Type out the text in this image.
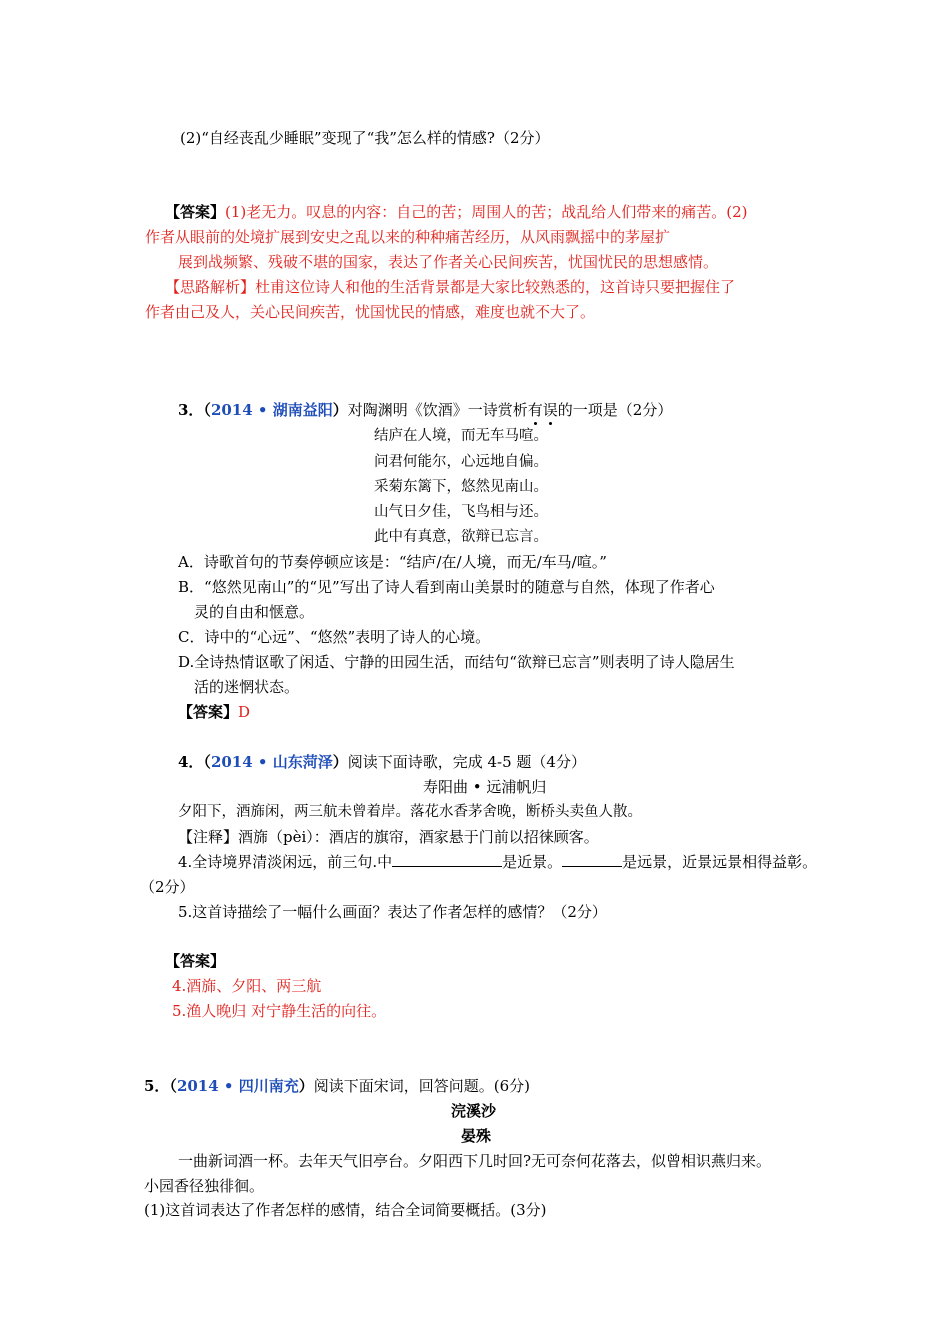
(2)“自经丧乱少睡眠”变现了“我”怎么样的情感?（2分）
【答案】(1)老无力。叹息的内容：自己的苦；周围人的苦；战乱给人们带来的痛苦。(2)
作者从眼前的处境扩展到安史之乱以来的种种痛苦经历，从风雨飘摇中的茅屋扩
展到战频繁、残破不堪的国家，表达了作者关心民间疾苦，忧国忧民的思想感情。
【思路解析】杜甫这位诗人和他的生活背景都是大家比较熟悉的，这首诗只要把握住了
作者由己及人，关心民间疾苦，忧国忧民的情感，难度也就不大了。
3．（2014 • 湖南益阳）对陶渊明《饮酒》一诗赏析有误的一项是（2分）
结庐在人境，而无车马喧。
问君何能尔，心远地自偏。
采菊东篱下，悠然见南山。
山气日夕佳，飞鸟相与还。
此中有真意，欲辩已忘言。
A．诗歌首句的节奏停顿应该是：“结庐/在/人境，而无/车马/喧。”
B．“悠然见南山”的“见”写出了诗人看到南山美景时的随意与自然，体现了作者心
灵的自由和惬意。
C．诗中的“心远”、“悠然”表明了诗人的心境。
D.全诗热情讴歌了闲适、宁静的田园生活，而结句“欲辩已忘言”则表明了诗人隐居生
活的迷惘状态。
【答案】D
4．（2014 • 山东菏泽）阅读下面诗歌，完成 4-5 题（4分）
寿阳曲 • 远浦帆归
夕阳下，酒旆闲，两三航未曾着岸。落花水香茅舍晚，断桥头卖鱼人散。
【注释】酒旆（pèi）：酒店的旗帘，酒家悬于门前以招徕顾客。
4.全诗境界清淡闲远，前三句.中	是近景。	是远景，近景远景相得益彰。
（2分）
5.这首诗描绘了一幅什么画面？表达了作者怎样的感情？（2分）
【答案】
4.酒旆、夕阳、两三航
5.渔人晚归 对宁静生活的向往。
5．（2014 • 四川南充）阅读下面宋词，回答问题。(6分)
浣溪沙
晏殊
一曲新词酒一杯。去年天气旧亭台。夕阳西下几时回?无可奈何花落去，似曾相识燕归来。
小园香径独徘徊。
(1)这首词表达了作者怎样的感情，结合全词简要概括。(3分)
